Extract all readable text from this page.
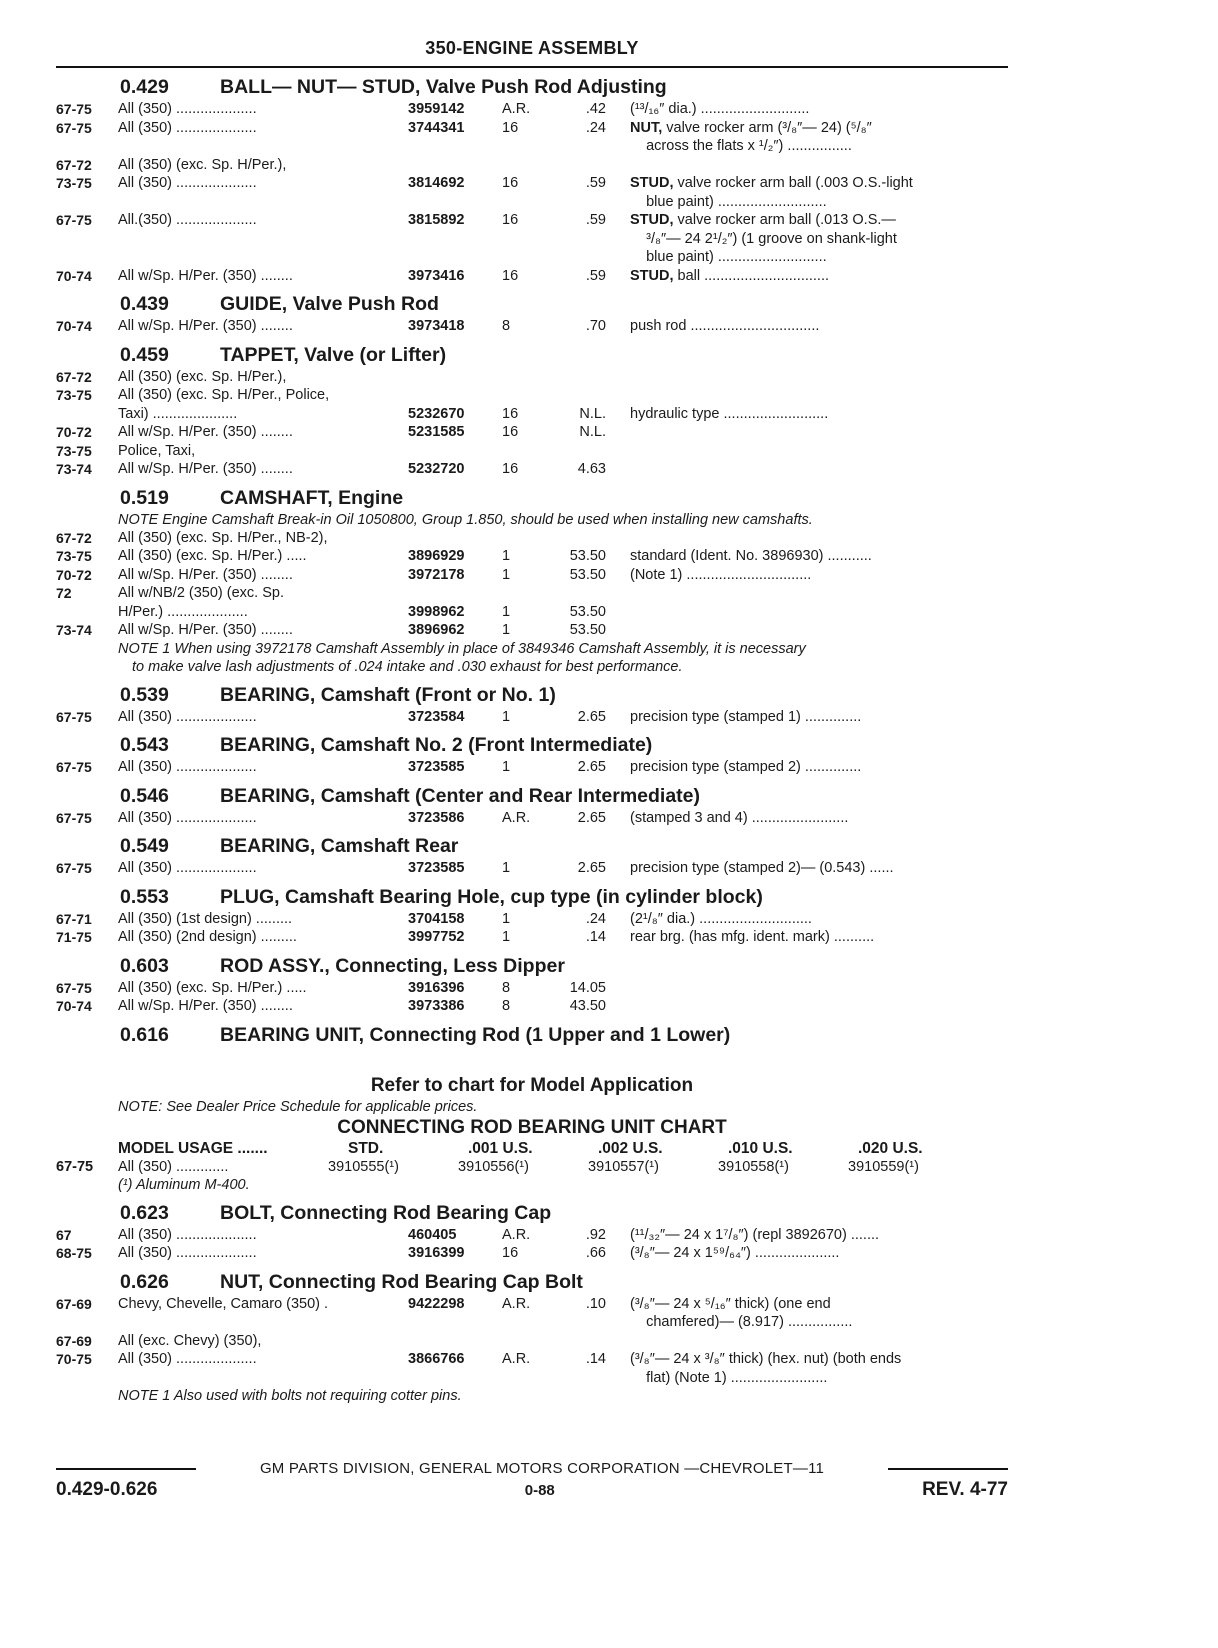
350-ENGINE ASSEMBLY
0.429	BALL— NUT— STUD, Valve Push Rod Adjusting
67-75	All (350) ....................	3959142	A.R.	.42	(¹³/₁₆″ dia.) ...........................
67-75	All (350) ....................	3744341	16	.24	NUT, valve rocker arm (³/₈″— 24) (⁵/₈″
across the flats x ¹/₂″) ................
67-72	All (350) (exc. Sp. H/Per.),
73-75	All (350) ....................	3814692	16	.59	STUD, valve rocker arm ball (.003 O.S.-light
blue paint) ...........................
67-75	All.(350) ....................	3815892	16	.59	STUD, valve rocker arm ball (.013 O.S.—
³/₈″— 24 2¹/₂″) (1 groove on shank-light
blue paint) ...........................
70-74	All w/Sp. H/Per. (350) ........	3973416	16	.59	STUD, ball ...............................
0.439	GUIDE, Valve Push Rod
70-74	All w/Sp. H/Per. (350) ........	3973418	8	.70	push rod ................................
0.459	TAPPET, Valve (or Lifter)
67-72	All (350) (exc. Sp. H/Per.),
73-75	All (350) (exc. Sp. H/Per., Police,
Taxi) .....................	5232670	16	N.L.	hydraulic type ..........................
70-72	All w/Sp. H/Per. (350) ........	5231585	16	N.L.
73-75	Police, Taxi,
73-74	All w/Sp. H/Per. (350) ........	5232720	16	4.63
0.519	CAMSHAFT, Engine
NOTE Engine Camshaft Break-in Oil 1050800, Group 1.850, should be used when installing new camshafts.
67-72	All (350) (exc. Sp. H/Per., NB-2),
73-75	All (350) (exc. Sp. H/Per.) .....	3896929	1	53.50	standard (Ident. No. 3896930) ...........
70-72	All w/Sp. H/Per. (350) ........	3972178	1	53.50	(Note 1) ...............................
72	All w/NB/2 (350) (exc. Sp.
H/Per.) ....................	3998962	1	53.50
73-74	All w/Sp. H/Per. (350) ........	3896962	1	53.50
NOTE 1 When using 3972178 Camshaft Assembly in place of 3849346 Camshaft Assembly, it is necessary
to make valve lash adjustments of .024 intake and .030 exhaust for best performance.
0.539	BEARING, Camshaft (Front or No. 1)
67-75	All (350) ....................	3723584	1	2.65	precision type (stamped 1) ..............
0.543	BEARING, Camshaft No. 2 (Front Intermediate)
67-75	All (350) ....................	3723585	1	2.65	precision type (stamped 2) ..............
0.546	BEARING, Camshaft (Center and Rear Intermediate)
67-75	All (350) ....................	3723586	A.R.	2.65	(stamped 3 and 4) ........................
0.549	BEARING, Camshaft Rear
67-75	All (350) ....................	3723585	1	2.65	precision type (stamped 2)— (0.543) ......
0.553	PLUG, Camshaft Bearing Hole, cup type (in cylinder block)
67-71	All (350) (1st design) .........	3704158	1	.24	(2¹/₈″ dia.) ............................
71-75	All (350) (2nd design) .........	3997752	1	.14	rear brg. (has mfg. ident. mark) ..........
0.603	ROD ASSY., Connecting, Less Dipper
67-75	All (350) (exc. Sp. H/Per.) .....	3916396	8	14.05
70-74	All w/Sp. H/Per. (350) ........	3973386	8	43.50
0.616	BEARING UNIT, Connecting Rod (1 Upper and 1 Lower)
Refer to chart for Model Application
NOTE: See Dealer Price Schedule for applicable prices.
CONNECTING ROD BEARING UNIT CHART
MODEL USAGE .......	STD.	.001 U.S.	.002 U.S.	.010 U.S.	.020 U.S.
67-75	All (350) .............	3910555(¹)	3910556(¹)	3910557(¹)	3910558(¹)	3910559(¹)
(¹) Aluminum M-400.
0.623	BOLT, Connecting Rod Bearing Cap
67	All (350) ....................	460405	A.R.	.92	(¹¹/₃₂″— 24 x 1⁷/₈″) (repl 3892670) .......
68-75	All (350) ....................	3916399	16	.66	(³/₈″— 24 x 1⁵⁹/₆₄″) .....................
0.626	NUT, Connecting Rod Bearing Cap Bolt
67-69	Chevy, Chevelle, Camaro (350) .	9422298	A.R.	.10	(³/₈″— 24 x ⁵/₁₆″ thick) (one end
chamfered)— (8.917) ................
67-69	All (exc. Chevy) (350),
70-75	All (350) ....................	3866766	A.R.	.14	(³/₈″— 24 x ³/₈″ thick) (hex. nut) (both ends
flat) (Note 1) ........................
NOTE 1 Also used with bolts not requiring cotter pins.
GM PARTS DIVISION, GENERAL MOTORS CORPORATION —CHEVROLET—11
0.429-0.626	0-88	REV. 4-77
